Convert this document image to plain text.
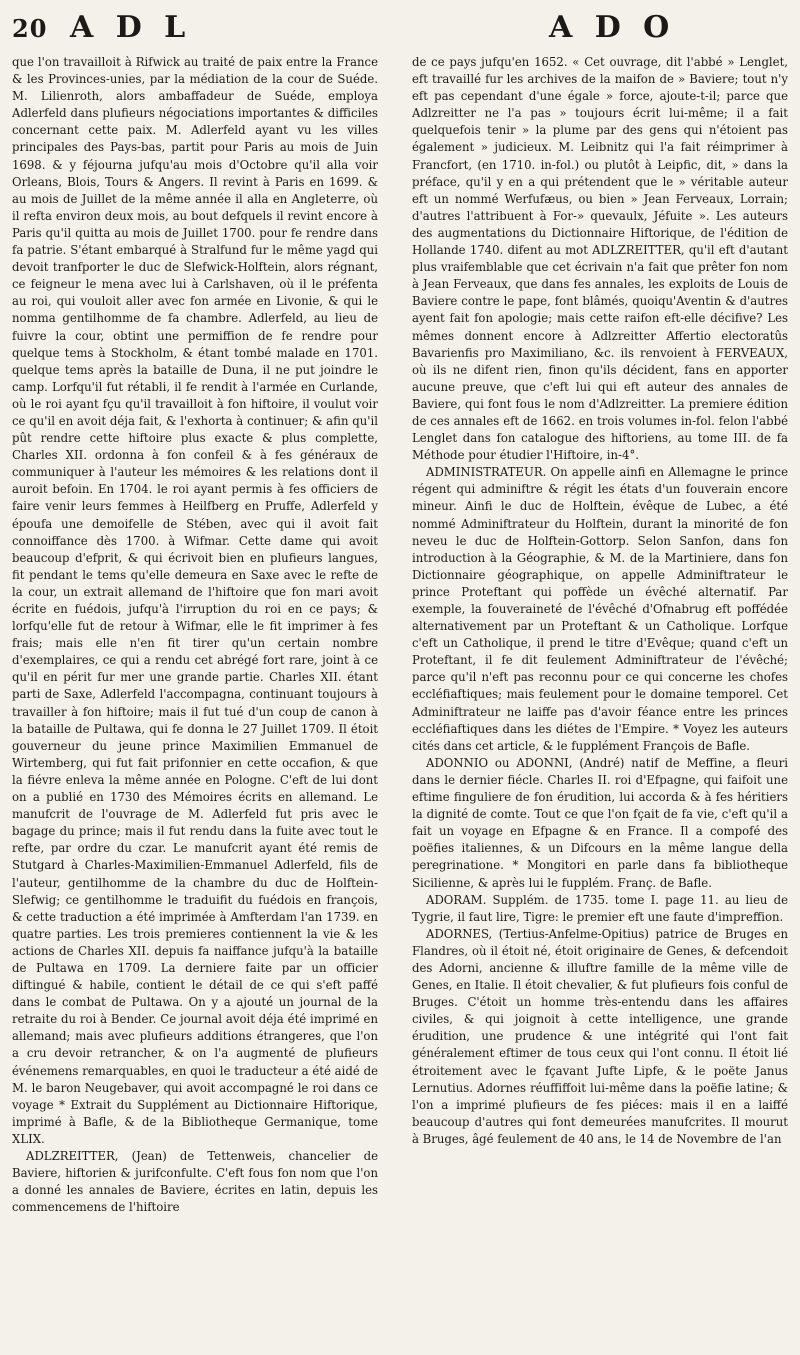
20 A D L	A D O

que l'on travailloit à Rifwick au traité de paix entre la France & les Provinces-unies, par la médiation de la cour de Suéde. M. Lilienroth, alors ambaffadeur de Suéde, employa Adlerfeld dans plufieurs négociations importantes & difficiles concernant cette paix. M. Adlerfeld ayant vu les villes principales des Pays-bas, partit pour Paris au mois de Juin 1698. & y féjourna jufqu'au mois d'Octobre qu'il alla voir Orleans, Blois, Tours & Angers. Il revint à Paris en 1699. & au mois de Juillet de la même année il alla en Angleterre, où il refta environ deux mois, au bout defquels il revint encore à Paris qu'il quitta au mois de Juillet 1700. pour fe rendre dans fa patrie. S'étant embarqué à Stralfund fur le même yagd qui devoit tranfporter le duc de Slefwick-Holftein, alors régnant, ce feigneur le mena avec lui à Carlshaven, où il le préfenta au roi, qui vouloit aller avec fon armée en Livonie, & qui le nomma gentilhomme de fa chambre. Adlerfeld, au lieu de fuivre la cour, obtint une permiffion de fe rendre pour quelque tems à Stockholm, & étant tombé malade en 1701. quelque tems après la bataille de Duna, il ne put joindre le camp. Lorfqu'il fut rétabli, il fe rendit à l'armée en Curlande, où le roi ayant fçu qu'il travailloit à fon hiftoire, il voulut voir ce qu'il en avoit déja fait, & l'exhorta à continuer; & afin qu'il pût rendre cette hiftoire plus exacte & plus complette, Charles XII. ordonna à fon confeil & à fes généraux de communiquer à l'auteur les mémoires & les relations dont il auroit befoin. En 1704. le roi ayant permis à fes officiers de faire venir leurs femmes à Heilfberg en Pruffe, Adlerfeld y époufa une demoifelle de Stében, avec qui il avoit fait connoiffance dès 1700. à Wifmar. Cette dame qui avoit beaucoup d'efprit, & qui écrivoit bien en plufieurs langues, fit pendant le tems qu'elle demeura en Saxe avec le refte de la cour, un extrait allemand de l'hiftoire que fon mari avoit écrite en fuédois, jufqu'à l'irruption du roi en ce pays; & lorfqu'elle fut de retour à Wifmar, elle le fit imprimer à fes frais; mais elle n'en fit tirer qu'un certain nombre d'exemplaires, ce qui a rendu cet abrégé fort rare, joint à ce qu'il en périt fur mer une grande partie. Charles XII. étant parti de Saxe, Adlerfeld l'accompagna, continuant toujours à travailler à fon hiftoire; mais il fut tué d'un coup de canon à la bataille de Pultawa, qui fe donna le 27 Juillet 1709. Il étoit gouverneur du jeune prince Maximilien Emmanuel de Wirtemberg, qui fut fait prifonnier en cette occafion, & que la fiévre enleva la même année en Pologne. C'eft de lui dont on a publié en 1730 des Mémoires écrits en allemand. Le manufcrit de l'ouvrage de M. Adlerfeld fut pris avec le bagage du prince; mais il fut rendu dans la fuite avec tout le refte, par ordre du czar. Le manufcrit ayant été remis de Stutgard à Charles-Maximilien-Emmanuel Adlerfeld, fils de l'auteur, gentilhomme de la chambre du duc de Holftein-Slefwig; ce gentilhomme le traduifit du fuédois en françois, & cette traduction a été imprimée à Amfterdam l'an 1739. en quatre parties. Les trois premieres contiennent la vie & les actions de Charles XII. depuis fa naiffance jufqu'à la bataille de Pultawa en 1709. La derniere faite par un officier diftingué & habile, contient le détail de ce qui s'eft paffé dans le combat de Pultawa. On y a ajouté un journal de la retraite du roi à Bender. Ce journal avoit déja été imprimé en allemand; mais avec plufieurs additions étrangeres, que l'on a cru devoir retrancher, & on l'a augmenté de plufieurs événemens remarquables, en quoi le traducteur a été aidé de M. le baron Neugebaver, qui avoit accompagné le roi dans ce voyage * Extrait du Supplément au Dictionnaire Hiftorique, imprimé à Bafle, & de la Bibliotheque Germanique, tome XLIX.

ADLZREITTER, (Jean) de Tettenweis, chancelier de Baviere, hiftorien & jurifconfulte. C'eft fous fon nom que l'on a donné les annales de Baviere, écrites en latin, depuis les commencemens de l'hiftoire

de ce pays jufqu'en 1652. « Cet ouvrage, dit l'abbé » Lenglet, eft travaillé fur les archives de la maifon de » Baviere; tout n'y eft pas cependant d'une égale » force, ajoute-t-il; parce que Adlzreitter ne l'a pas » toujours écrit lui-même; il a fait quelquefois tenir » la plume par des gens qui n'étoient pas également » judicieux. M. Leibnitz qui l'a fait réimprimer à Francfort, (en 1710. in-fol.) ou plutôt à Leipfic, dit, » dans la préface, qu'il y en a qui prétendent que le » véritable auteur eft un nommé Werfufæus, ou bien » Jean Ferveaux, Lorrain; d'autres l'attribuent à For-» quevaulx, Jéfuite ». Les auteurs des augmentations du Dictionnaire Hiftorique, de l'édition de Hollande 1740. difent au mot ADLZREITTER, qu'il eft d'autant plus vraifemblable que cet écrivain n'a fait que prêter fon nom à Jean Ferveaux, que dans fes annales, les exploits de Louis de Baviere contre le pape, font blâmés, quoiqu'Aventin & d'autres ayent fait fon apologie; mais cette raifon eft-elle décifive? Les mêmes donnent encore à Adlzreitter Affertio electoratûs Bavarienfis pro Maximiliano, &c. ils renvoient à FERVEAUX, où ils ne difent rien, finon qu'ils décident, fans en apporter aucune preuve, que c'eft lui qui eft auteur des annales de Baviere, qui font fous le nom d'Adlzreitter. La premiere édition de ces annales eft de 1662. en trois volumes in-fol. felon l'abbé Lenglet dans fon catalogue des hiftoriens, au tome III. de fa Méthode pour étudier l'Hiftoire, in-4°.

ADMINISTRATEUR. On appelle ainfi en Allemagne le prince régent qui adminiftre & régit les états d'un fouverain encore mineur. Ainfi le duc de Holftein, évêque de Lubec, a été nommé Adminiftrateur du Holftein, durant la minorité de fon neveu le duc de Holftein-Gottorp. Selon Sanfon, dans fon introduction à la Géographie, & M. de la Martiniere, dans fon Dictionnaire géographique, on appelle Adminiftrateur le prince Proteftant qui poffède un évêché alternatif. Par exemple, la fouveraineté de l'évêché d'Ofnabrug eft poffédée alternativement par un Proteftant & un Catholique. Lorfque c'eft un Catholique, il prend le titre d'Evêque; quand c'eft un Proteftant, il fe dit feulement Adminiftrateur de l'évêché; parce qu'il n'eft pas reconnu pour ce qui concerne les chofes eccléfiaftiques; mais feulement pour le domaine temporel. Cet Adminiftrateur ne laiffe pas d'avoir féance entre les princes eccléfiaftiques dans les diétes de l'Empire. * Voyez les auteurs cités dans cet article, & le fupplément François de Bafle.

ADONNIO ou ADONNI, (André) natif de Meffine, a fleuri dans le dernier fiécle. Charles II. roi d'Efpagne, qui faifoit une eftime finguliere de fon érudition, lui accorda & à fes héritiers la dignité de comte. Tout ce que l'on fçait de fa vie, c'eft qu'il a fait un voyage en Efpagne & en France. Il a compofé des poëfies italiennes, & un Difcours en la même langue della peregrinatione. * Mongitori en parle dans fa bibliotheque Sicilienne, & après lui le fupplém. Franç. de Bafle.

ADORAM. Supplém. de 1735. tome I. page 11. au lieu de Tygrie, il faut lire, Tigre: le premier eft une faute d'impreffion.

ADORNES, (Tertius-Anfelme-Opitius) patrice de Bruges en Flandres, où il étoit né, étoit originaire de Genes, & defcendoit des Adorni, ancienne & illuftre famille de la même ville de Genes, en Italie. Il étoit chevalier, & fut plufieurs fois conful de Bruges. C'étoit un homme très-entendu dans les affaires civiles, & qui joignoit à cette intelligence, une grande érudition, une prudence & une intégrité qui l'ont fait généralement eftimer de tous ceux qui l'ont connu. Il étoit lié étroitement avec le fçavant Jufte Lipfe, & le poëte Janus Lernutius. Adornes réuffiffoit lui-même dans la poëfie latine; & l'on a imprimé plufieurs de fes piéces: mais il en a laiffé beaucoup d'autres qui font demeurées manufcrites. Il mourut à Bruges, âgé feulement de 40 ans, le 14 de Novembre de l'an
